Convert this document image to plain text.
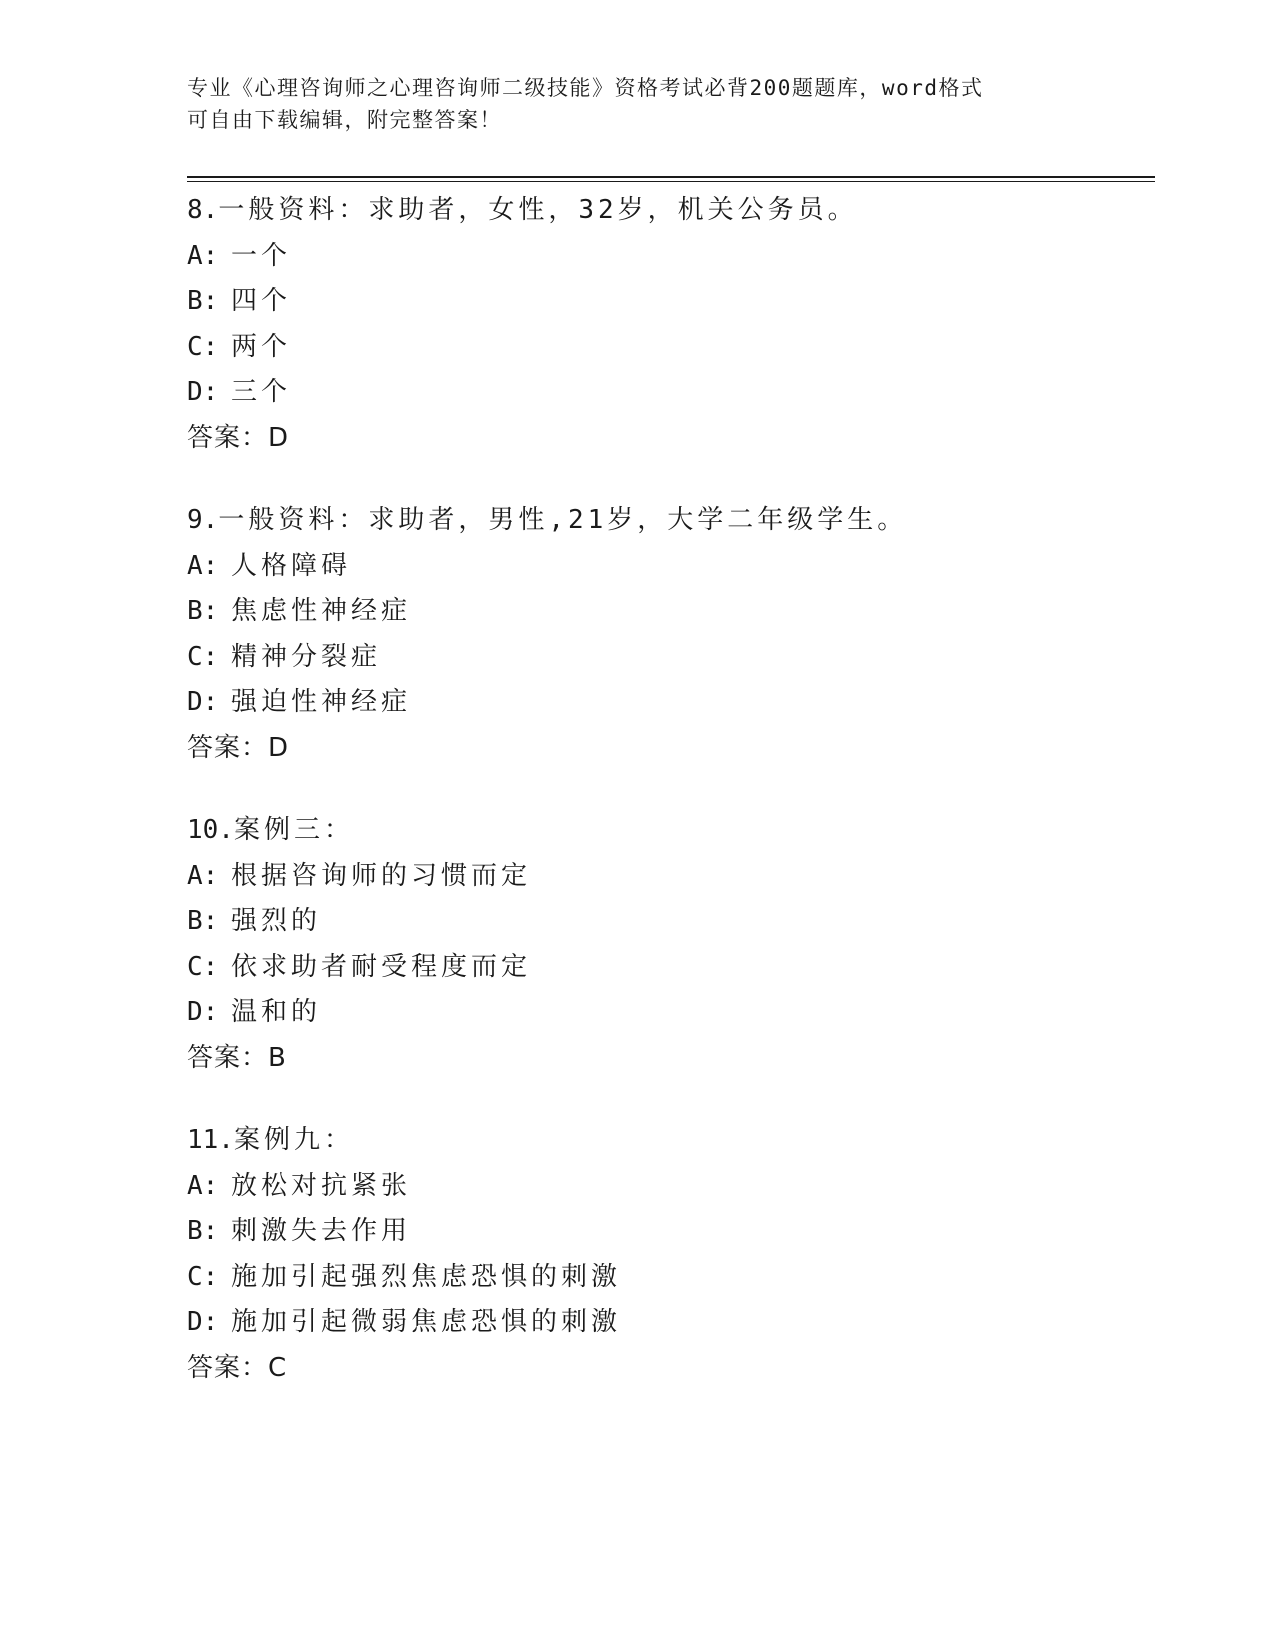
专业《心理咨询师之心理咨询师二级技能》资格考试必背200题题库，word格式
可自由下载编辑，附完整答案！
8.一般资料：求助者，女性，32岁，机关公务员。
A: 一个
B: 四个
C: 两个
D: 三个
答案：D
9.一般资料：求助者，男性,21岁，大学二年级学生。
A: 人格障碍
B: 焦虑性神经症
C: 精神分裂症
D: 强迫性神经症
答案：D
10.案例三：
A: 根据咨询师的习惯而定
B: 强烈的
C: 依求助者耐受程度而定
D: 温和的
答案：B
11.案例九：
A: 放松对抗紧张
B: 刺激失去作用
C: 施加引起强烈焦虑恐惧的刺激
D: 施加引起微弱焦虑恐惧的刺激
答案：C
